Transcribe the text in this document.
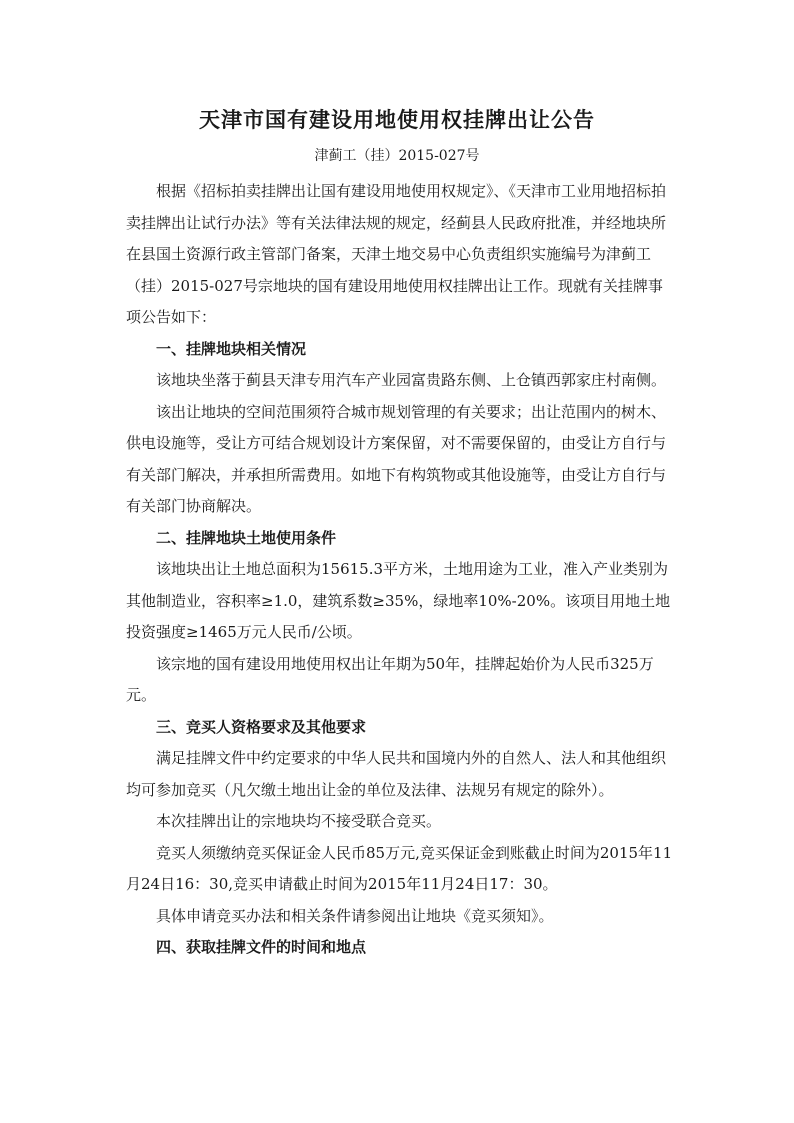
天津市国有建设用地使用权挂牌出让公告
津蓟工（挂）2015-027号

根据《招标拍卖挂牌出让国有建设用地使用权规定》、《天津市工业用地招标拍卖挂牌出让试行办法》等有关法律法规的规定，经蓟县人民政府批准，并经地块所在县国土资源行政主管部门备案，天津土地交易中心负责组织实施编号为津蓟工（挂）2015-027号宗地块的国有建设用地使用权挂牌出让工作。现就有关挂牌事项公告如下：

一、挂牌地块相关情况

该地块坐落于蓟县天津专用汽车产业园富贵路东侧、上仓镇西郭家庄村南侧。

该出让地块的空间范围须符合城市规划管理的有关要求；出让范围内的树木、供电设施等，受让方可结合规划设计方案保留，对不需要保留的，由受让方自行与有关部门解决，并承担所需费用。如地下有构筑物或其他设施等，由受让方自行与有关部门协商解决。

二、挂牌地块土地使用条件

该地块出让土地总面积为15615.3平方米，土地用途为工业，准入产业类别为其他制造业，容积率≥1.0，建筑系数≥35%，绿地率10%-20%。该项目用地土地投资强度≥1465万元人民币/公顷。

该宗地的国有建设用地使用权出让年期为50年，挂牌起始价为人民币325万元。

三、竞买人资格要求及其他要求

满足挂牌文件中约定要求的中华人民共和国境内外的自然人、法人和其他组织均可参加竞买（凡欠缴土地出让金的单位及法律、法规另有规定的除外）。

本次挂牌出让的宗地块均不接受联合竞买。

竞买人须缴纳竞买保证金人民币85万元,竞买保证金到账截止时间为2015年11月24日16：30,竞买申请截止时间为2015年11月24日17：30。

具体申请竞买办法和相关条件请参阅出让地块《竞买须知》。

四、获取挂牌文件的时间和地点
